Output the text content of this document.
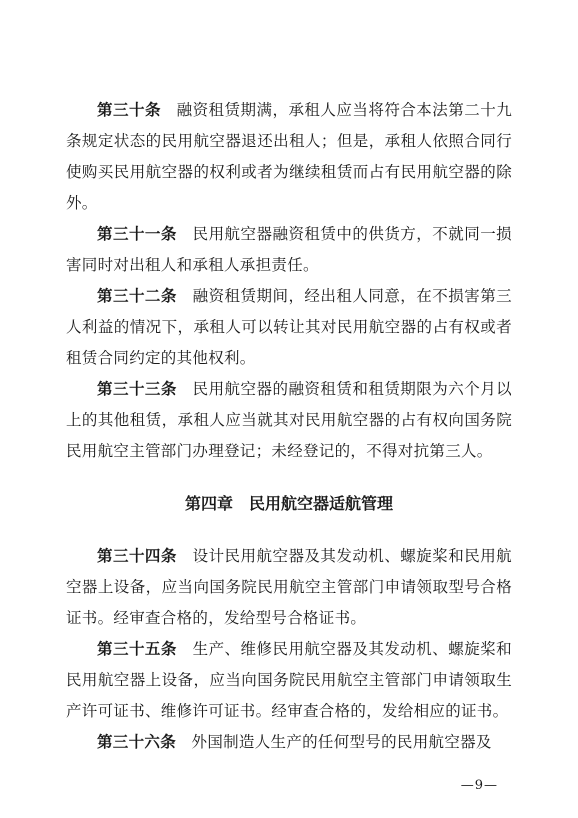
第三十条 融资租赁期满，承租人应当将符合本法第二十九条规定状态的民用航空器退还出租人；但是，承租人依照合同行使购买民用航空器的权利或者为继续租赁而占有民用航空器的除外。

第三十一条 民用航空器融资租赁中的供货方，不就同一损害同时对出租人和承租人承担责任。

第三十二条 融资租赁期间，经出租人同意，在不损害第三人利益的情况下，承租人可以转让其对民用航空器的占有权或者租赁合同约定的其他权利。

第三十三条 民用航空器的融资租赁和租赁期限为六个月以上的其他租赁，承租人应当就其对民用航空器的占有权向国务院民用航空主管部门办理登记；未经登记的，不得对抗第三人。

第四章 民用航空器适航管理

第三十四条 设计民用航空器及其发动机、螺旋桨和民用航空器上设备，应当向国务院民用航空主管部门申请领取型号合格证书。经审查合格的，发给型号合格证书。

第三十五条 生产、维修民用航空器及其发动机、螺旋桨和民用航空器上设备，应当向国务院民用航空主管部门申请领取生产许可证书、维修许可证书。经审查合格的，发给相应的证书。

第三十六条 外国制造人生产的任何型号的民用航空器及

—9—
